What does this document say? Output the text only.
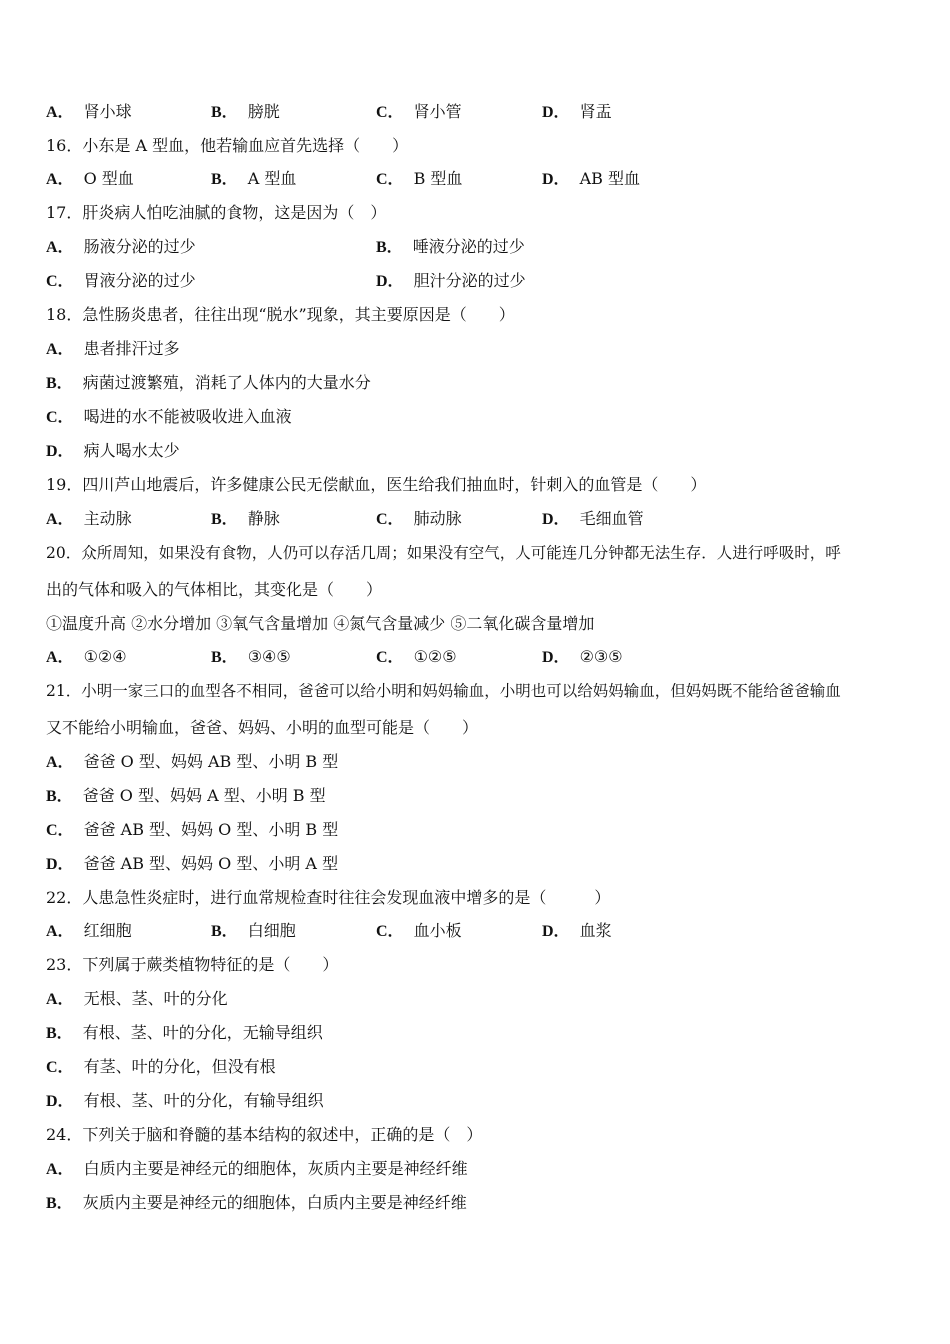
A． 肾小球	B． 膀胱	C． 肾小管	D． 肾盂
16．小东是 A 型血，他若输血应首先选择（　　）
A． O 型血	B． A 型血	C． B 型血	D． AB 型血
17．肝炎病人怕吃油腻的食物，这是因为（　）
A． 肠液分泌的过少	B． 唾液分泌的过少
C． 胃液分泌的过少	D． 胆汁分泌的过少
18．急性肠炎患者，往往出现“脱水”现象，其主要原因是（　　）
A． 患者排汗过多
B． 病菌过渡繁殖，消耗了人体内的大量水分
C． 喝进的水不能被吸收进入血液
D． 病人喝水太少
19．四川芦山地震后，许多健康公民无偿献血，医生给我们抽血时，针刺入的血管是（　　）
A． 主动脉	B． 静脉	C． 肺动脉	D． 毛细血管
20．众所周知，如果没有食物，人仍可以存活几周；如果没有空气，人可能连几分钟都无法生存．人进行呼吸时，呼
出的气体和吸入的气体相比，其变化是（　　）
①温度升高 ②水分增加 ③氧气含量增加 ④氮气含量减少 ⑤二氧化碳含量增加
A． ①②④	B． ③④⑤	C． ①②⑤	D． ②③⑤
21．小明一家三口的血型各不相同，爸爸可以给小明和妈妈输血，小明也可以给妈妈输血，但妈妈既不能给爸爸输血
又不能给小明输血，爸爸、妈妈、小明的血型可能是（　　）
A． 爸爸 O 型、妈妈 AB 型、小明 B 型
B． 爸爸 O 型、妈妈 A 型、小明 B 型
C． 爸爸 AB 型、妈妈 O 型、小明 B 型
D． 爸爸 AB 型、妈妈 O 型、小明 A 型
22．人患急性炎症时，进行血常规检查时往往会发现血液中增多的是（　　　）
A． 红细胞	B． 白细胞	C． 血小板	D． 血浆
23．下列属于蕨类植物特征的是（　　）
A． 无根、茎、叶的分化
B． 有根、茎、叶的分化，无输导组织
C． 有茎、叶的分化，但没有根
D． 有根、茎、叶的分化，有输导组织
24．下列关于脑和脊髓的基本结构的叙述中，正确的是（　）
A． 白质内主要是神经元的细胞体，灰质内主要是神经纤维
B． 灰质内主要是神经元的细胞体，白质内主要是神经纤维
